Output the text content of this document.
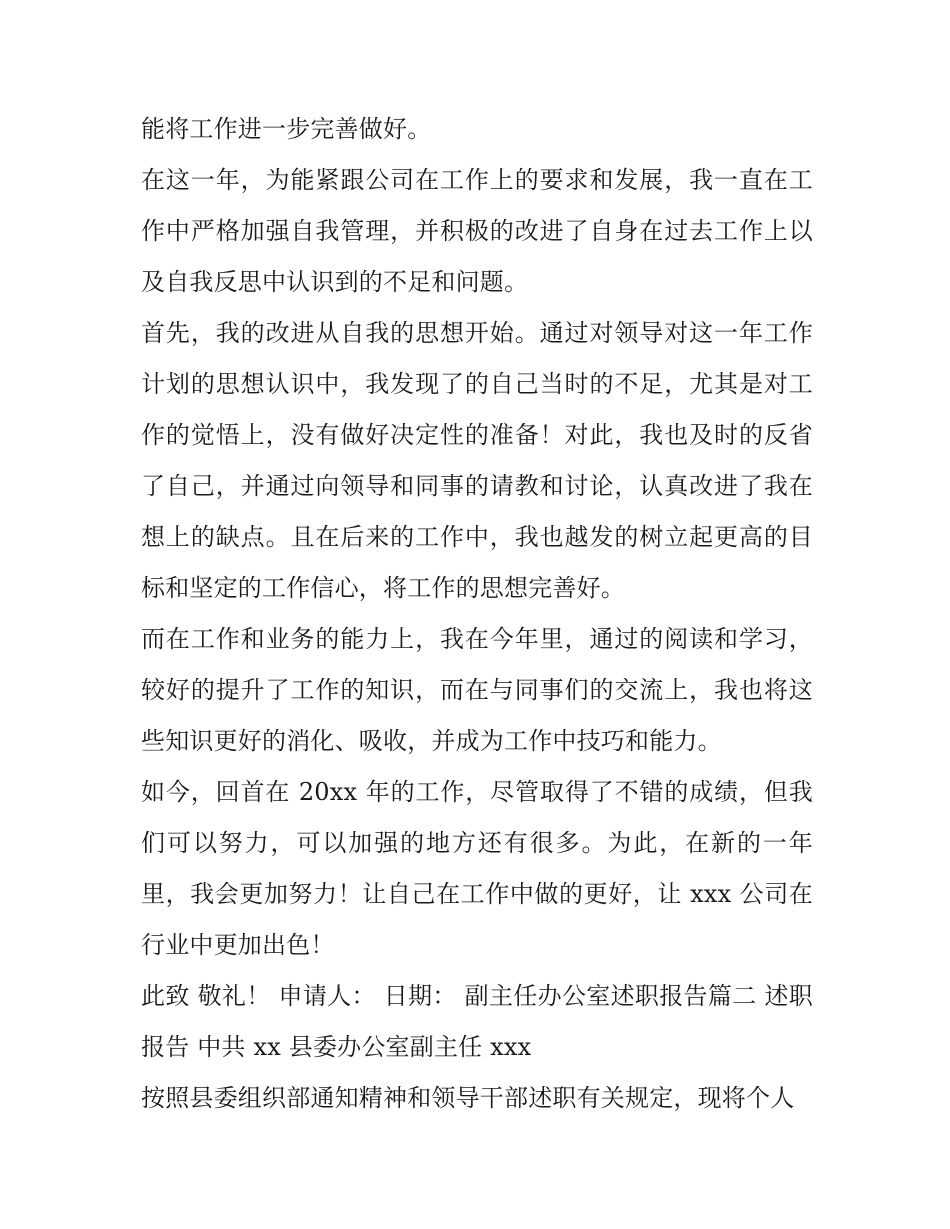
能将工作进一步完善做好。

在这一年，为能紧跟公司在工作上的要求和发展，我一直在工作中严格加强自我管理，并积极的改进了自身在过去工作上以及自我反思中认识到的不足和问题。

首先，我的改进从自我的思想开始。通过对领导对这一年工作计划的思想认识中，我发现了的自己当时的不足，尤其是对工作的觉悟上，没有做好决定性的准备！对此，我也及时的反省了自己，并通过向领导和同事的请教和讨论，认真改进了我在想上的缺点。且在后来的工作中，我也越发的树立起更高的目标和坚定的工作信心，将工作的思想完善好。

而在工作和业务的能力上，我在今年里，通过的阅读和学习，较好的提升了工作的知识，而在与同事们的交流上，我也将这些知识更好的消化、吸收，并成为工作中技巧和能力。

如今，回首在 20xx 年的工作，尽管取得了不错的成绩，但我们可以努力，可以加强的地方还有很多。为此，在新的一年里，我会更加努力！让自己在工作中做的更好，让 xxx 公司在行业中更加出色！

此致 敬礼！ 申请人： 日期： 副主任办公室述职报告篇二 述职报告 中共 xx 县委办公室副主任 xxx

按照县委组织部通知精神和领导干部述职有关规定，现将个人
